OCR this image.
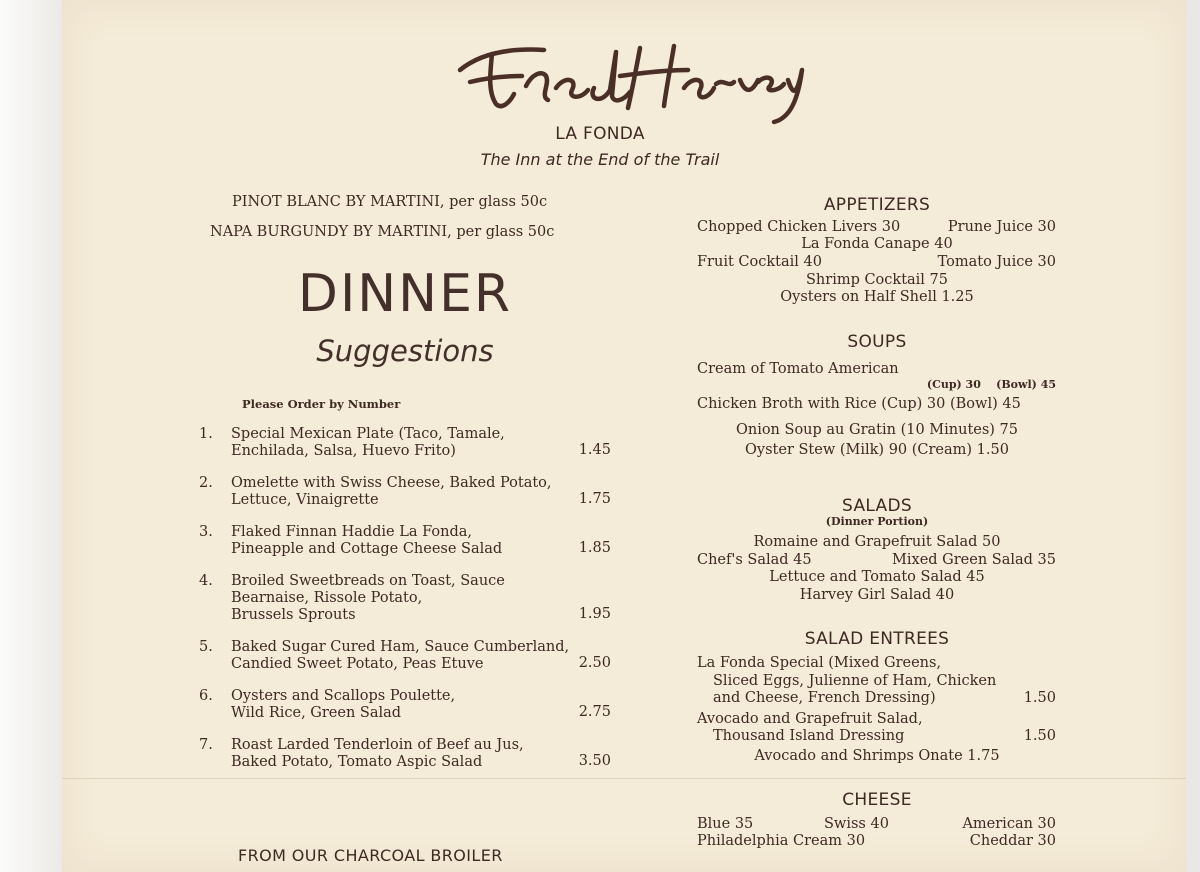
LA FONDA

The Inn at the End of the Trail

PINOT BLANC BY MARTINI, per glass 50c

NAPA BURGUNDY BY MARTINI, per glass 50c

DINNER

Suggestions

Please Order by Number

1. Special Mexican Plate (Taco, Tamale,
Enchilada, Salsa, Huevo Frito)	1.45
2. Omelette with Swiss Cheese, Baked Potato,
Lettuce, Vinaigrette	1.75
3. Flaked Finnan Haddie La Fonda,
Pineapple and Cottage Cheese Salad	1.85
4. Broiled Sweetbreads on Toast, Sauce
Bearnaise, Rissole Potato,
Brussels Sprouts	1.95
5. Baked Sugar Cured Ham, Sauce Cumberland,
Candied Sweet Potato, Peas Etuve	2.50
6. Oysters and Scallops Poulette,
Wild Rice, Green Salad	2.75
7. Roast Larded Tenderloin of Beef au Jus,
Baked Potato, Tomato Aspic Salad	3.50

FROM OUR CHARCOAL BROILER

APPETIZERS

Chopped Chicken Livers 30	Prune Juice 30

La Fonda Canape 40

Fruit Cocktail 40	Tomato Juice 30

Shrimp Cocktail 75

Oysters on Half Shell 1.25

SOUPS

Cream of Tomato American

(Cup) 30    (Bowl) 45

Chicken Broth with Rice (Cup) 30 (Bowl) 45

Onion Soup au Gratin (10 Minutes) 75

Oyster Stew (Milk) 90 (Cream) 1.50

SALADS

(Dinner Portion)

Romaine and Grapefruit Salad 50

Chef's Salad 45	Mixed Green Salad 35

Lettuce and Tomato Salad 45

Harvey Girl Salad 40

SALAD ENTREES

La Fonda Special (Mixed Greens,

Sliced Eggs, Julienne of Ham, Chicken

and Cheese, French Dressing)	1.50

Avocado and Grapefruit Salad,

Thousand Island Dressing	1.50

Avocado and Shrimps Onate 1.75

CHEESE

Blue 35	Swiss 40	American 30
Philadelphia Cream 30	Cheddar 30
